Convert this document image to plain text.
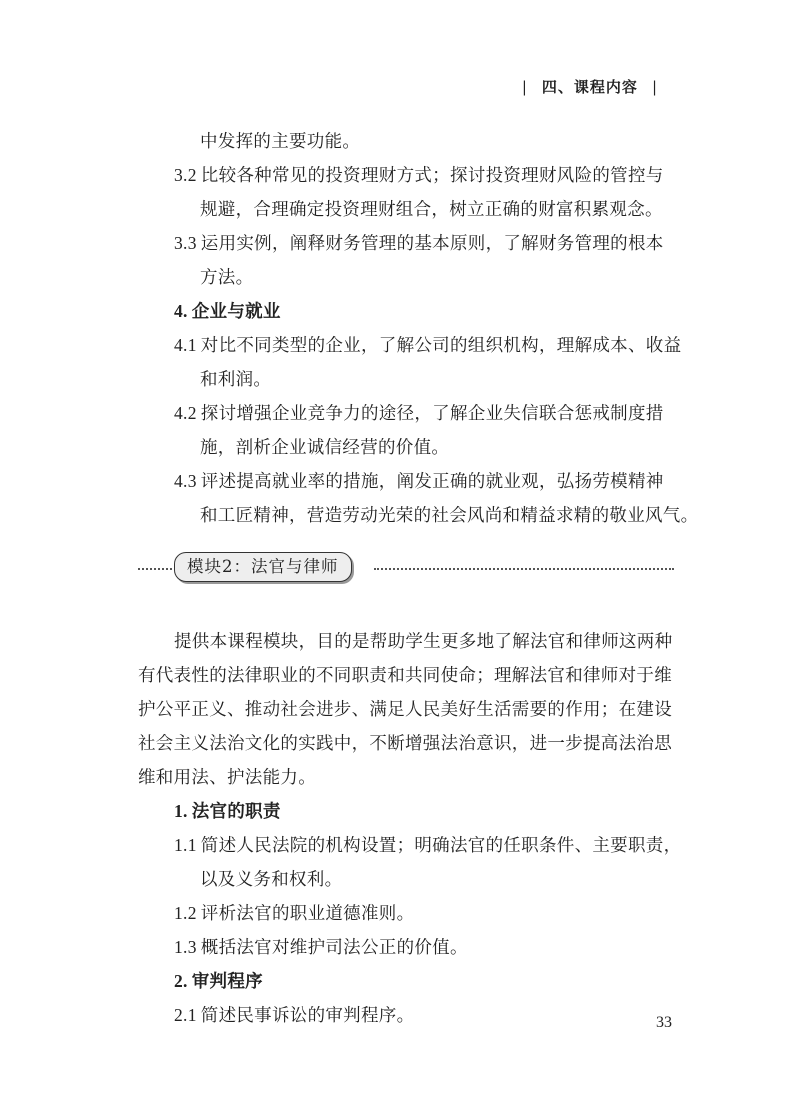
| 四、课程内容 |
中发挥的主要功能。
3.2 比较各种常见的投资理财方式；探讨投资理财风险的管控与
规避，合理确定投资理财组合，树立正确的财富积累观念。
3.3 运用实例，阐释财务管理的基本原则，了解财务管理的根本
方法。
4. 企业与就业
4.1 对比不同类型的企业，了解公司的组织机构，理解成本、收益
和利润。
4.2 探讨增强企业竞争力的途径，了解企业失信联合惩戒制度措
施，剖析企业诚信经营的价值。
4.3 评述提高就业率的措施，阐发正确的就业观，弘扬劳模精神
和工匠精神，营造劳动光荣的社会风尚和精益求精的敬业风气。
模块2：法官与律师
提供本课程模块，目的是帮助学生更多地了解法官和律师这两种
有代表性的法律职业的不同职责和共同使命；理解法官和律师对于维
护公平正义、推动社会进步、满足人民美好生活需要的作用；在建设
社会主义法治文化的实践中，不断增强法治意识，进一步提高法治思
维和用法、护法能力。
1. 法官的职责
1.1 简述人民法院的机构设置；明确法官的任职条件、主要职责，
以及义务和权利。
1.2 评析法官的职业道德准则。
1.3 概括法官对维护司法公正的价值。
2. 审判程序
2.1 简述民事诉讼的审判程序。	33
